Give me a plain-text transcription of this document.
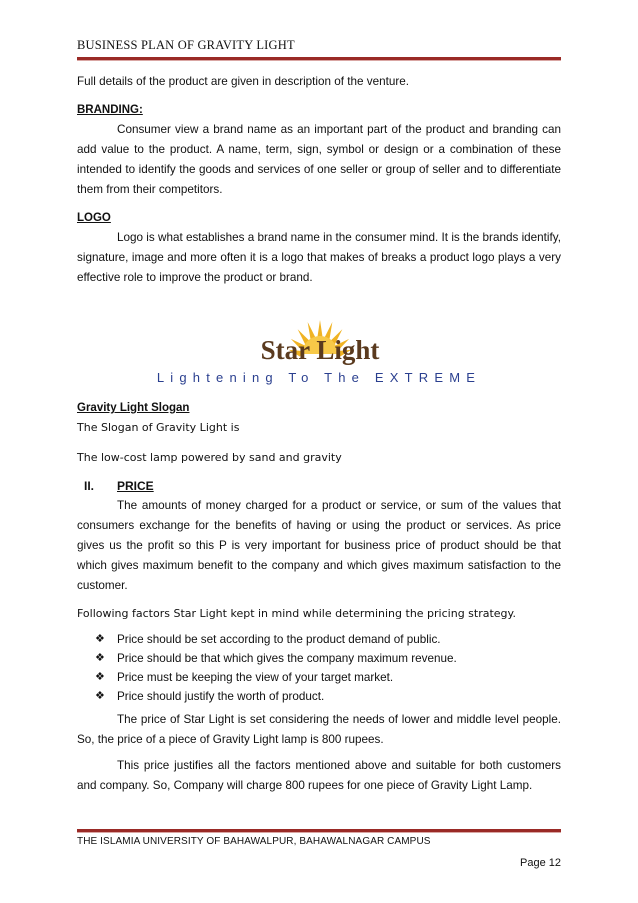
BUSINESS PLAN OF GRAVITY LIGHT

Full details of the product are given in description of the venture.

BRANDING:

Consumer view a brand name as an important part of the product and branding can add value to the product. A name, term, sign, symbol or design or a combination of these intended to identify the goods and services of one seller or group of seller and to differentiate them from their competitors.

LOGO

Logo is what establishes a brand name in the consumer mind. It is the brands identify, signature, image and more often it is a logo that makes of breaks a product logo plays a very effective role to improve the product or brand.

Star Light
Lightening To The EXTREME

Gravity Light Slogan

The Slogan of Gravity Light is

The low-cost lamp powered by sand and gravity

II.	PRICE

The amounts of money charged for a product or service, or sum of the values that consumers exchange for the benefits of having or using the product or services. As price gives us the profit so this P is very important for business price of product should be that which gives maximum benefit to the company and which gives maximum satisfaction to the customer.

Following factors Star Light kept in mind while determining the pricing strategy.

❖	Price should be set according to the product demand of public.
❖	Price should be that which gives the company maximum revenue.
❖	Price must be keeping the view of your target market.
❖	Price should justify the worth of product.

The price of Star Light is set considering the needs of lower and middle level people. So, the price of a piece of Gravity Light lamp is 800 rupees.

This price justifies all the factors mentioned above and suitable for both customers and company. So, Company will charge 800 rupees for one piece of Gravity Light Lamp.

THE ISLAMIA UNIVERSITY OF BAHAWALPUR, BAHAWALNAGAR CAMPUS
Page 12
